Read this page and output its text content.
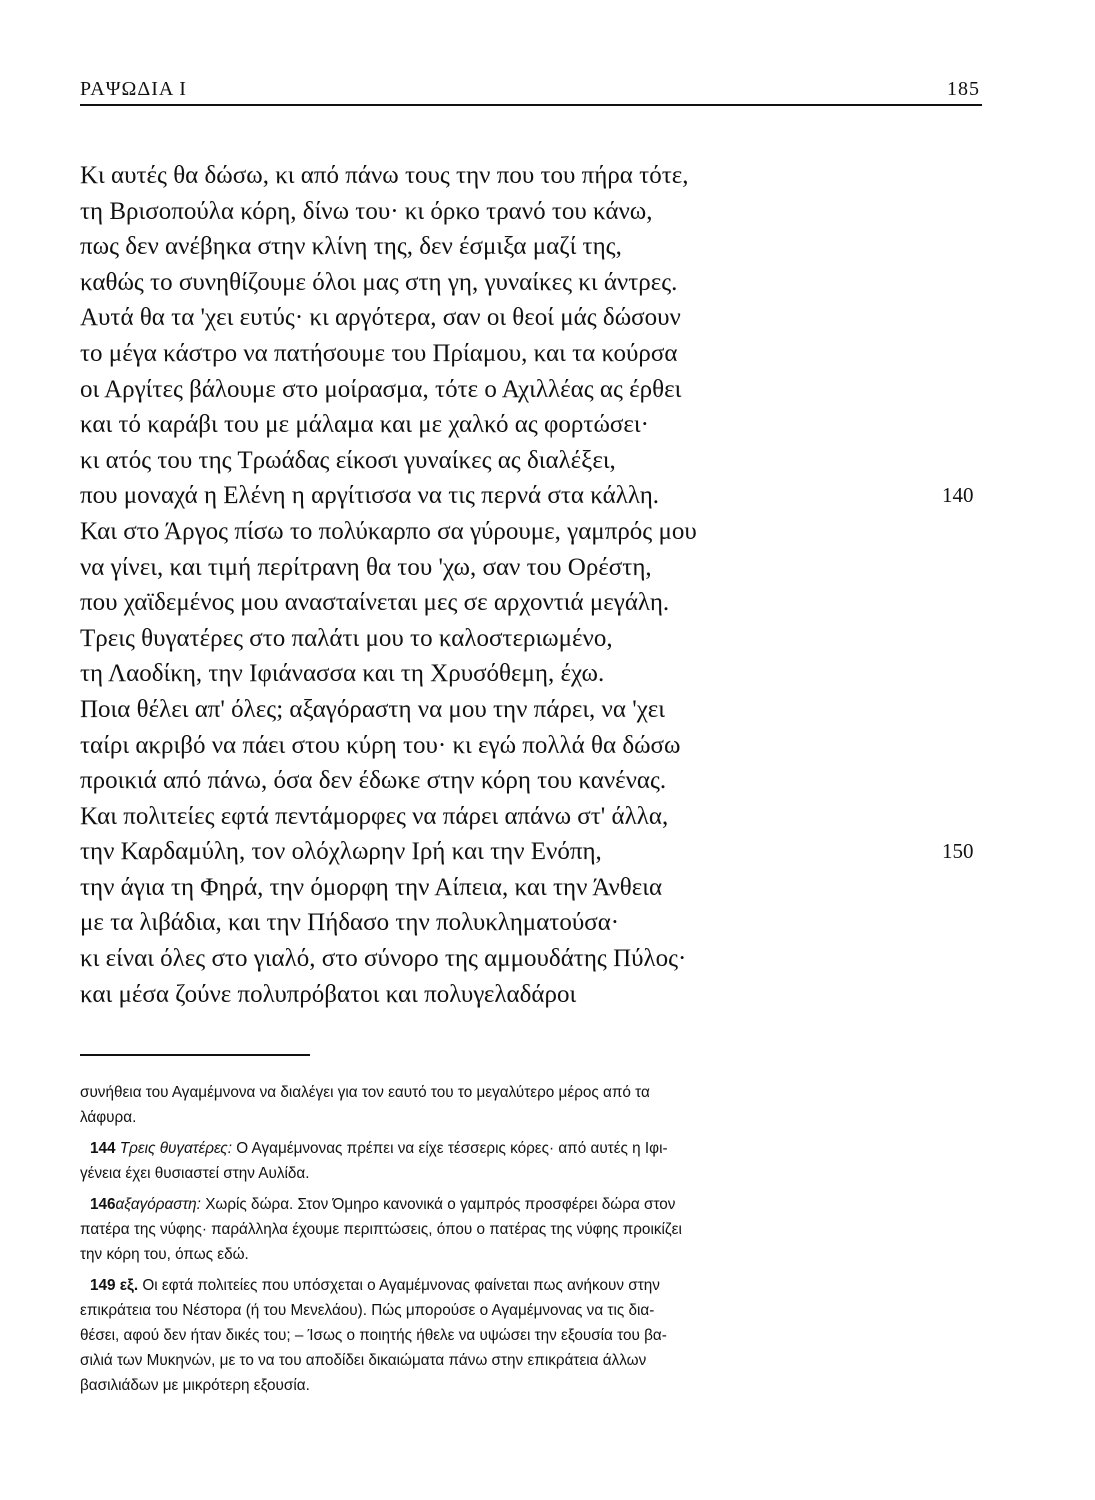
ΡΑΨΩΔΙΑ Ι	185
Κι αυτές θα δώσω, κι από πάνω τους την που του πήρα τότε,
τη Βρισοπούλα κόρη, δίνω του· κι όρκο τρανό του κάνω,
πως δεν ανέβηκα στην κλίνη της, δεν έσμιξα μαζί της,
καθώς το συνηθίζουμε όλοι μας στη γη, γυναίκες κι άντρες.
Αυτά θα τα 'χει ευτύς· κι αργότερα, σαν οι θεοί μάς δώσουν
το μέγα κάστρο να πατήσουμε του Πρίαμου, και τα κούρσα
οι Αργίτες βάλουμε στο μοίρασμα, τότε ο Αχιλλέας ας έρθει
και τό καράβι του με μάλαμα και με χαλκό ας φορτώσει·
κι ατός του της Τρωάδας είκοσι γυναίκες ας διαλέξει,
που μοναχά η Ελένη η αργίτισσα να τις περνά στα κάλλη.	140
Και στο Άργος πίσω το πολύκαρπο σα γύρουμε, γαμπρός μου
να γίνει, και τιμή περίτρανη θα του 'χω, σαν του Ορέστη,
που χαϊδεμένος μου ανασταίνεται μες σε αρχοντιά μεγάλη.
Τρεις θυγατέρες στο παλάτι μου το καλοστεριωμένο,
τη Λαοδίκη, την Ιφιάνασσα και τη Χρυσόθεμη, έχω.
Ποια θέλει απ' όλες; αξαγόραστη να μου την πάρει, να 'χει
ταίρι ακριβό να πάει στου κύρη του· κι εγώ πολλά θα δώσω
προικιά από πάνω, όσα δεν έδωκε στην κόρη του κανένας.
Και πολιτείες εφτά πεντάμορφες να πάρει απάνω στ' άλλα,
την Καρδαμύλη, τον ολόχλωρην Ιρή και την Ενόπη,	150
την άγια τη Φηρά, την όμορφη την Αίπεια, και την Άνθεια
με τα λιβάδια, και την Πήδασο την πολυκληματούσα·
κι είναι όλες στο γιαλό, στο σύνορο της αμμουδάτης Πύλος·
και μέσα ζούνε πολυπρόβατοι και πολυγελαδάροι
συνήθεια του Αγαμέμνονα να διαλέγει για τον εαυτό του το μεγαλύτερο μέρος από τα
λάφυρα.
144 Τρεις θυγατέρες: Ο Αγαμέμνονας πρέπει να είχε τέσσερις κόρες· από αυτές η Ιφι-
γένεια έχει θυσιαστεί στην Αυλίδα.
146αξαγόραστη: Χωρίς δώρα. Στον Όμηρο κανονικά ο γαμπρός προσφέρει δώρα στον
πατέρα της νύφης· παράλληλα έχουμε περιπτώσεις, όπου ο πατέρας της νύφης προικίζει
την κόρη του, όπως εδώ.
149 εξ. Οι εφτά πολιτείες που υπόσχεται ο Αγαμέμνονας φαίνεται πως ανήκουν στην
επικράτεια του Νέστορα (ή του Μενελάου). Πώς μπορούσε ο Αγαμέμνονας να τις δια-
θέσει, αφού δεν ήταν δικές του; – Ίσως ο ποιητής ήθελε να υψώσει την εξουσία του βα-
σιλιά των Μυκηνών, με το να του αποδίδει δικαιώματα πάνω στην επικράτεια άλλων
βασιλιάδων με μικρότερη εξουσία.
